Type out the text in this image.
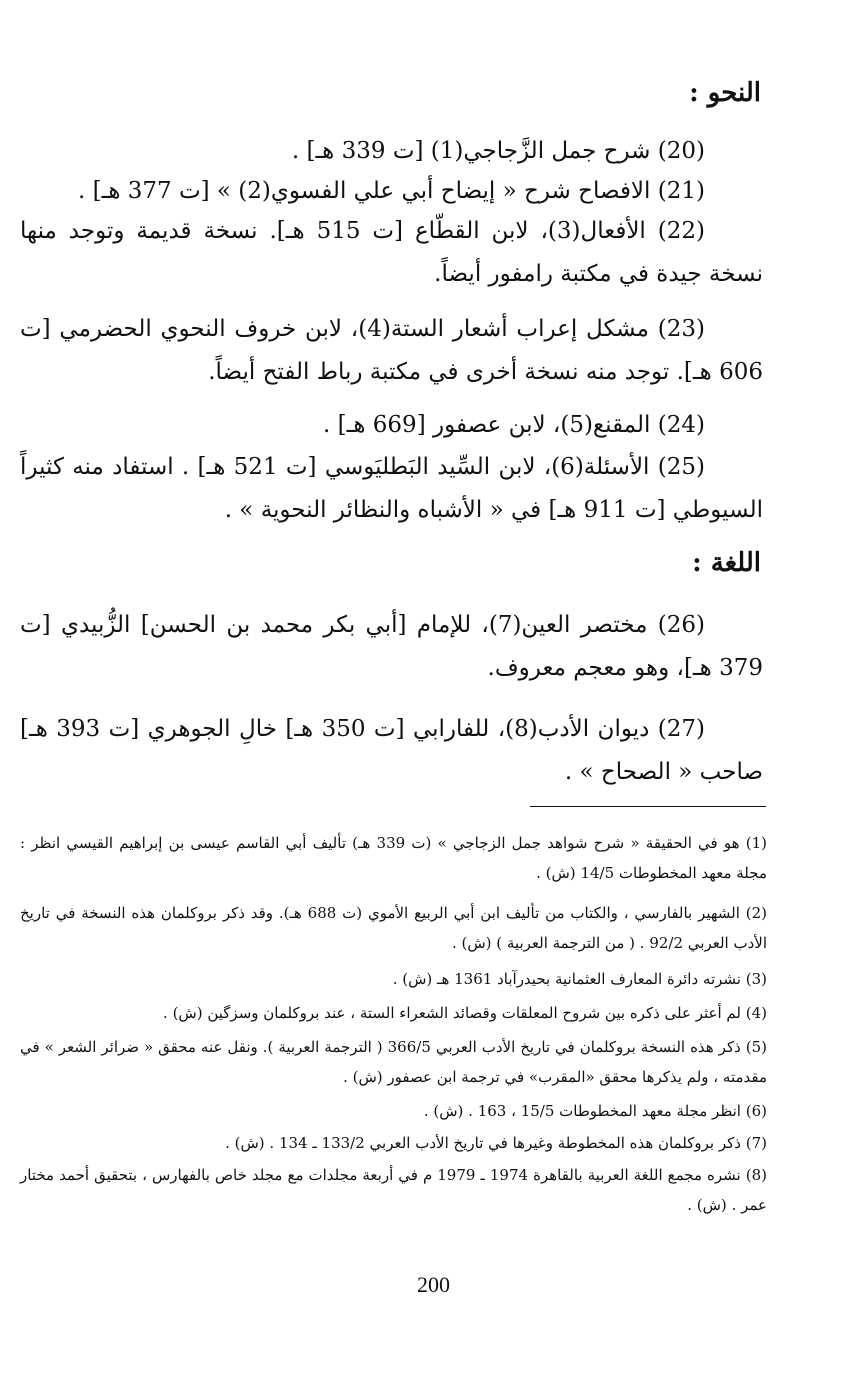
النحو :
(20) شرح جمل الزَّجاجي(1) [ت 339 هـ] .
(21) الافصاح شرح « إيضاح أبي علي الفسوي(2) » [ت 377 هـ] .
(22) الأفعال(3)، لابن القطّاع [ت 515 هـ]. نسخة قديمة وتوجد منها نسخة جيدة في مكتبة رامفور أيضاً.
(23) مشكل إعراب أشعار الستة(4)، لابن خروف النحوي الحضرمي [ت 606 هـ]. توجد منه نسخة أخرى في مكتبة رباط الفتح أيضاً.
(24) المقنع(5)، لابن عصفور [669 هـ] .
(25) الأسئلة(6)، لابن السِّيد البَطليَوسي [ت 521 هـ] . استفاد منه كثيراً السيوطي [ت 911 هـ] في « الأشباه والنظائر النحوية » .
اللغة :
(26) مختصر العين(7)، للإمام [أبي بكر محمد بن الحسن] الزُّبيدي [ت 379 هـ]، وهو معجم معروف.
(27) ديوان الأدب(8)، للفارابي [ت 350 هـ] خالِ الجوهري [ت 393 هـ] صاحب « الصحاح » .
(1) هو في الحقيقة « شرح شواهد جمل الزجاجي » (ت 339 هـ) تأليف أبي القاسم عيسى بن إبراهيم القيسي انظر : مجلة معهد المخطوطات 14/5 (ش) .
(2) الشهير بالفارسي ، والكتاب من تأليف ابن أبي الربيع الأموي (ت 688 هـ). وقد ذكر بروكلمان هذه النسخة في تاريخ الأدب العربي 92/2 . ( من الترجمة العربية ) (ش) .
(3) نشرته دائرة المعارف العثمانية بحيدرآباد 1361 هـ (ش) .
(4) لم أعثر على ذكره بين شروح المعلقات وقصائد الشعراء الستة ، عند بروكلمان وسزگين (ش) .
(5) ذكر هذه النسخة بروكلمان في تاريخ الأدب العربي 366/5 ( الترجمة العربية ). ونقل عنه محقق « ضرائر الشعر » في مقدمته ، ولم يذكرها محقق «المقرب» في ترجمة ابن عصفور (ش) .
(6) انظر مجلة معهد المخطوطات 15/5 ، 163 . (ش) .
(7) ذكر بروكلمان هذه المخطوطة وغيرها في تاريخ الأدب العربي 133/2 ـ 134 . (ش) .
(8) نشره مجمع اللغة العربية بالقاهرة 1974 ـ 1979 م في أربعة مجلدات مع مجلد خاص بالفهارس ، بتحقيق أحمد مختار عمر . (ش) .
200
